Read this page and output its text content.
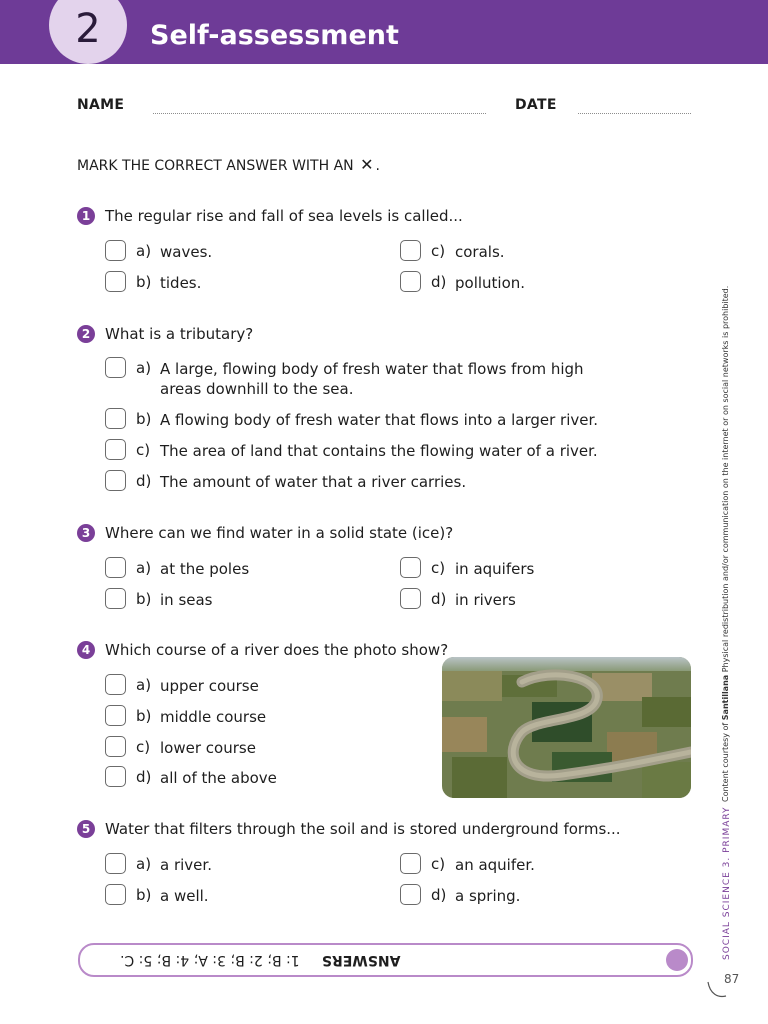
2 Self-assessment
NAME	DATE
MARK THE CORRECT ANSWER WITH AN ✕ .
1 The regular rise and fall of sea levels is called...
a) waves.
b) tides.
c) corals.
d) pollution.
2 What is a tributary?
a) A large, flowing body of fresh water that flows from high areas downhill to the sea.
b) A flowing body of fresh water that flows into a larger river.
c) The area of land that contains the flowing water of a river.
d) The amount of water that a river carries.
3 Where can we find water in a solid state (ice)?
a) at the poles
b) in seas
c) in aquifers
d) in rivers
4 Which course of a river does the photo show?
a) upper course
b) middle course
c) lower course
d) all of the above
5 Water that filters through the soil and is stored underground forms...
a) a river.
b) a well.
c) an aquifer.
d) a spring.
Content courtesy of Santillana Physical redistribution and/or communication on the internet or on social networks is prohibited.
SOCIAL SCIENCE 3. PRIMARY
ANSWERS     1: B; 2: B; 3: A; 4: B; 5: C.
87
